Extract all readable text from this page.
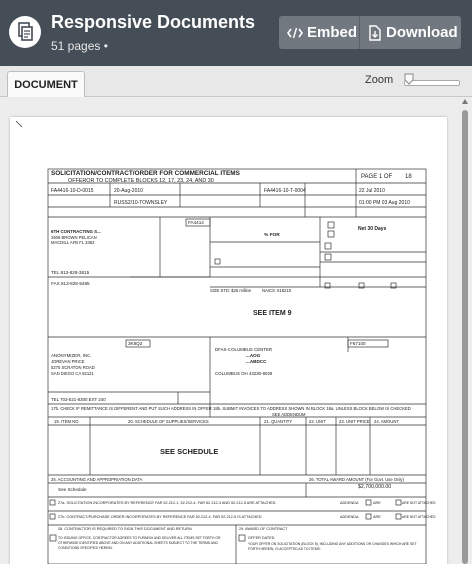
Responsive Documents
51 pages •
Embed Download
DOCUMENT	Zoom
SOLICITATION/CONTRACT/ORDER FOR COMMERCIAL ITEMS
OFFEROR TO COMPLETE BLOCKS 12, 17, 23, 24, AND 30
PAGE 1 OF 18
FA4416-10-D-0015	20-Aug-2010
RUSS2/10-TOWNSLEY
FA4416-10-T-0004	22 Jul 2010
01:00 PM 03 Aug 2010
FA4414
6TH CONTRACTING S...
2606 BROWN PELICAN
MACDILL AFB FL 3362
TEL 813-828-3815
FAX 813-828-5485
Net 30 Days
% FOR
SIZE STD: $25 million	NAICS: 518210
SEE ITEM 9
3K8Q2
ANONYMIZER, INC.
JOREVAN PRICE
5275 SCRATON ROAD
SAN DIEGO CA 92121
TEL 703-521-8300 EXT 240
17b. CHECK IF REMITTANCE IS DIFFERENT AND PUT SUCH ADDRESS IN OFFER
F67100
DFAS-COLUMBUS CENTER
...AOG
...ABDCC
COLUMBUS OH 43230-9029
18b. SUBMIT INVOICES TO ADDRESS SHOWN IN BLOCK 18a. UNLESS BLOCK BELOW IS CHECKED
SEE ADDENDUM
19. ITEM NO.	20. SCHEDULE OF SUPPLIES/SERVICES	21. QUANTITY	22. UNIT	23. UNIT PRICE 24. AMOUNT
SEE SCHEDULE
25. ACCOUNTING AND APPROPRIATION DATA
See Schedule
26. TOTAL AWARD AMOUNT (For Govt. Use Only)
$2,700,000.00
27a. SOLICITATION INCORPORATES BY REFERENCE FAR 52.212-1, 52.212-4. FAR 52.212-3 AND 52.212-5 ARE ATTACHED.
27b. CONTRACT/PURCHASE ORDER INCORPORATES BY REFERENCE FAR 52.212-4. FAR 52.212-5 IS ATTACHED.
ADDENDA	ARE	ARE NOT ATTACHED
ADDENDA	ARE	ARE NOT ATTACHED
28. CONTRACTOR IS REQUIRED TO SIGN THIS DOCUMENT AND RETURN
TO ISSUING OFFICE. CONTRACTOR AGREES TO FURNISH AND DELIVER ALL ITEMS SET FORTH OR OTHERWISE IDENTIFIED ABOVE AND ON ANY ADDITIONAL SHEETS SUBJECT TO THE TERMS AND CONDITIONS SPECIFIED HEREIN.
29. AWARD OF CONTRACT
OFFER DATED
YOUR OFFER ON SOLICITATION (BLOCK 5), INCLUDING ANY ADDITIONS OR CHANGES WHICH ARE SET FORTH HEREIN, IS ACCEPTED AS TO ITEMS:
